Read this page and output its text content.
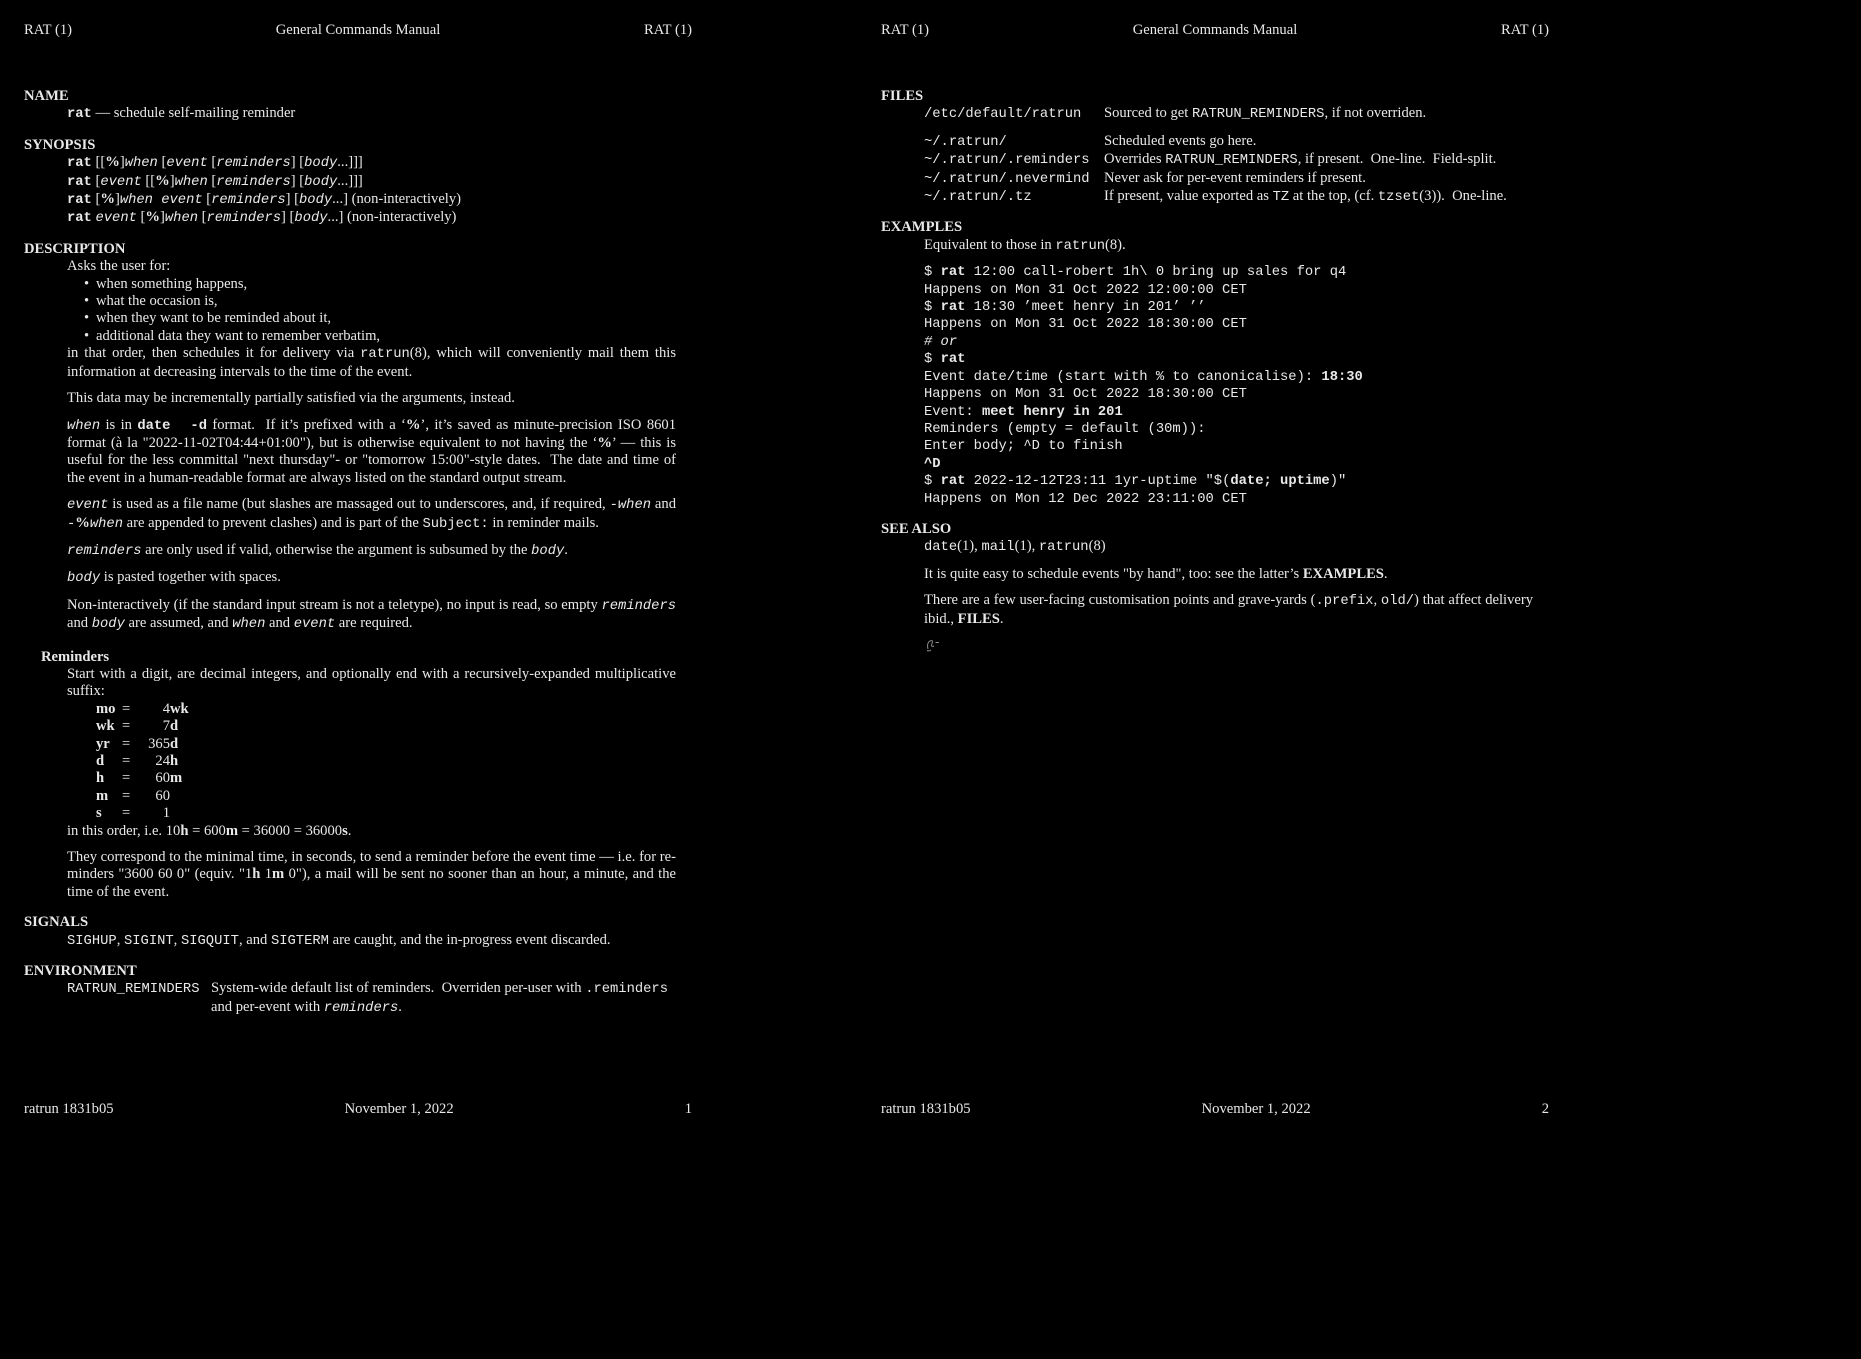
RAT (1)	General Commands Manual	RAT (1)
NAME
rat — schedule self-mailing reminder
SYNOPSIS
rat [[%]when [event [reminders] [body...]]]
rat [event [[%]when [reminders] [body...]]]
rat [%]when event [reminders] [body...] (non-interactively)
rat event [%]when [reminders] [body...] (non-interactively)
DESCRIPTION
Asks the user for:
• when something happens,
• what the occasion is,
• when they want to be reminded about it,
• additional data they want to remember verbatim,
in that order, then schedules it for delivery via ratrun(8), which will conveniently mail them this information at decreasing intervals to the time of the event.
This data may be incrementally partially satisfied via the arguments, instead.
when is in date  -d format.  If it’s prefixed with a ‘%’, it’s saved as minute-precision ISO 8601 format (à la "2022-11-02T04:44+01:00"), but is otherwise equivalent to not having the ‘%’ — this is useful for the less committal "next thursday"- or "tomorrow 15:00"-style dates.  The date and time of the event in a human-readable format are always listed on the standard output stream.
event is used as a file name (but slashes are massaged out to underscores, and, if required, -when and -%when are appended to prevent clashes) and is part of the Subject: in reminder mails.
reminders are only used if valid, otherwise the argument is subsumed by the body.
body is pasted together with spaces.
Non-interactively (if the standard input stream is not a teletype), no input is read, so empty reminders and body are assumed, and when and event are required.
Reminders
Start with a digit, are decimal integers, and optionally end with a recursively-expanded multiplicative suffix:
mo =	4 wk
wk =	7 d
yr =	365 d
d	=	24 h
h	=	60 m
m =	60
s	=	1
in this order, i.e. 10h = 600m = 36000 = 36000s.
They correspond to the minimal time, in seconds, to send a reminder before the event time — i.e. for reminders "3600 60 0" (equiv. "1h 1m 0"), a mail will be sent no sooner than an hour, a minute, and the time of the event.
SIGNALS
SIGHUP, SIGINT, SIGQUIT, and SIGTERM are caught, and the in-progress event discarded.
ENVIRONMENT
RATRUN_REMINDERS System-wide default list of reminders.  Overriden per-user with .reminders and per-event with reminders.
ratrun 1831b05	November 1, 2022	1
RAT (1)	General Commands Manual	RAT (1)
FILES
/etc/default/ratrun	Sourced to get RATRUN_REMINDERS, if not overriden.
~/.ratrun/	Scheduled events go here.
~/.ratrun/.reminders Overrides RATRUN_REMINDERS, if present.  One-line.  Field-split.
~/.ratrun/.nevermind Never ask for per-event reminders if present.
~/.ratrun/.tz	If present, value exported as TZ at the top, (cf. tzset(3)).  One-line.
EXAMPLES
Equivalent to those in ratrun(8).
$ rat 12:00 call-robert 1h\ 0 bring up sales for q4
Happens on Mon 31 Oct 2022 12:00:00 CET
$ rat 18:30 ’meet henry in 201’ ’’
Happens on Mon 31 Oct 2022 18:30:00 CET
# or
$ rat
Event date/time (start with % to canonicalise): 18:30
Happens on Mon 31 Oct 2022 18:30:00 CET
Event: meet henry in 201
Reminders (empty = default (30m)):
Enter body; ^D to finish
^D
$ rat 2022-12-12T23:11 1yr-uptime "$(date; uptime)"
Happens on Mon 12 Dec 2022 23:11:00 CET
SEE ALSO
date(1), mail(1), ratrun(8)
It is quite easy to schedule events "by hand", too: see the latter’s EXAMPLES.
There are a few user-facing customisation points and grave-yards (.prefix, old/) that affect delivery ibid., FILES.
ratrun 1831b05	November 1, 2022	2
